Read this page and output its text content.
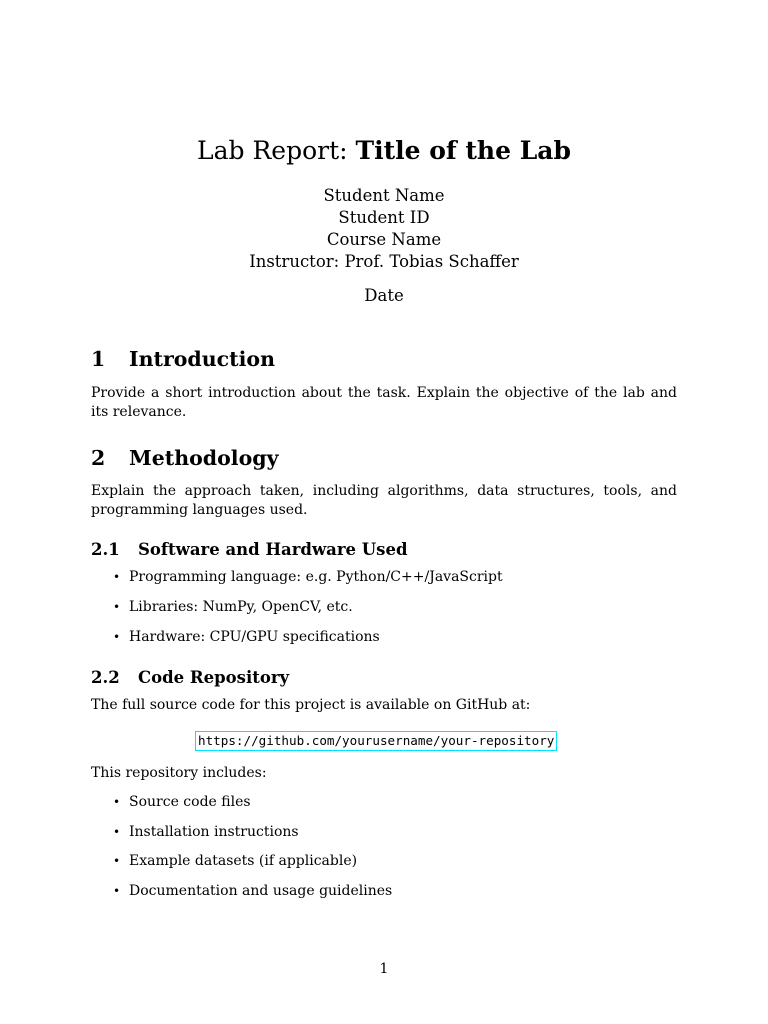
Lab Report: Title of the Lab
Student Name
Student ID
Course Name
Instructor: Prof. Tobias Schaffer
Date
1 Introduction
Provide a short introduction about the task. Explain the objective of the lab and its relevance.
2 Methodology
Explain the approach taken, including algorithms, data structures, tools, and programming languages used.
2.1 Software and Hardware Used
• Programming language: e.g. Python/C++/JavaScript
• Libraries: NumPy, OpenCV, etc.
• Hardware: CPU/GPU specifications
2.2 Code Repository
The full source code for this project is available on GitHub at:
https://github.com/yourusername/your-repository
This repository includes:
• Source code files
• Installation instructions
• Example datasets (if applicable)
• Documentation and usage guidelines
1
